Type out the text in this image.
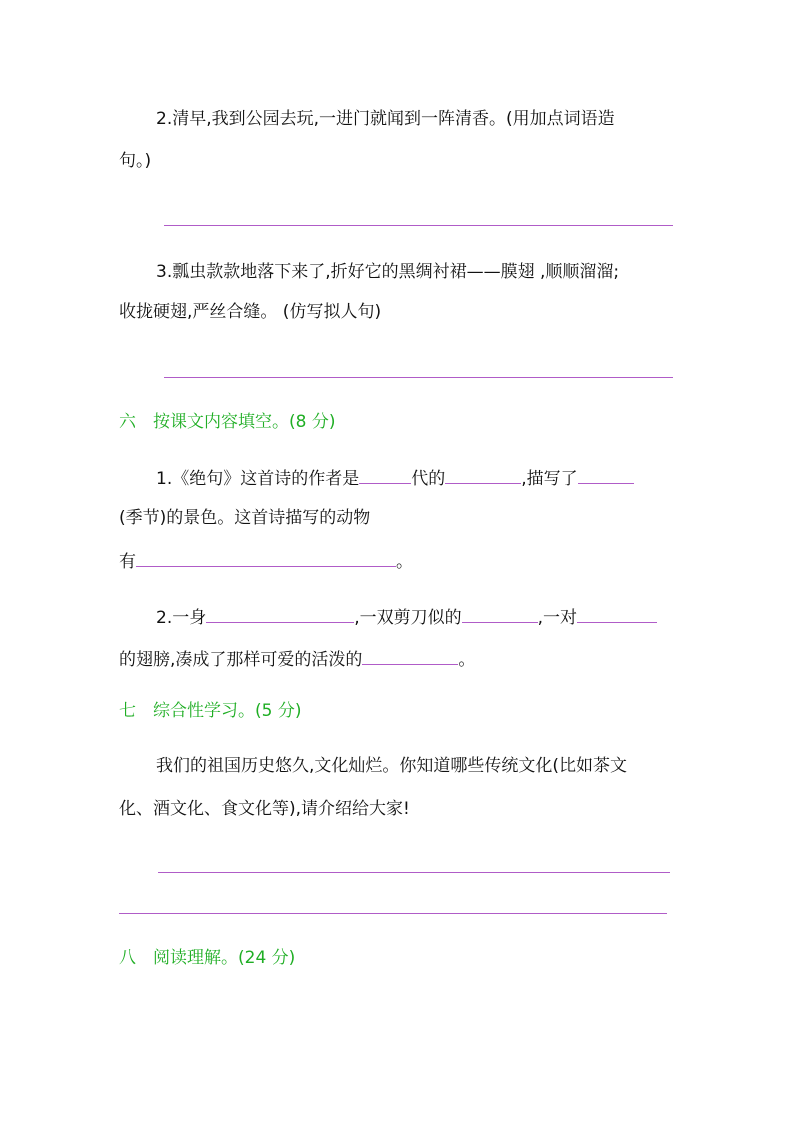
2.清早,我到公园去玩,一进门就闻到一阵清香。(用加点词语造
句。)
3.瓢虫款款地落下来了,折好它的黑绸衬裙——膜翅 ,顺顺溜溜;
收拢硬翅,严丝合缝。 (仿写拟人句)
六　按课文内容填空。(8 分)
1.《绝句》这首诗的作者是	代的	,描写了
(季节)的景色。这首诗描写的动物
有	。
2.一身	,一双剪刀似的	,一对
的翅膀,凑成了那样可爱的活泼的	。
七　综合性学习。(5 分)
我们的祖国历史悠久,文化灿烂。你知道哪些传统文化(比如茶文
化、酒文化、食文化等),请介绍给大家!
八　阅读理解。(24 分)
